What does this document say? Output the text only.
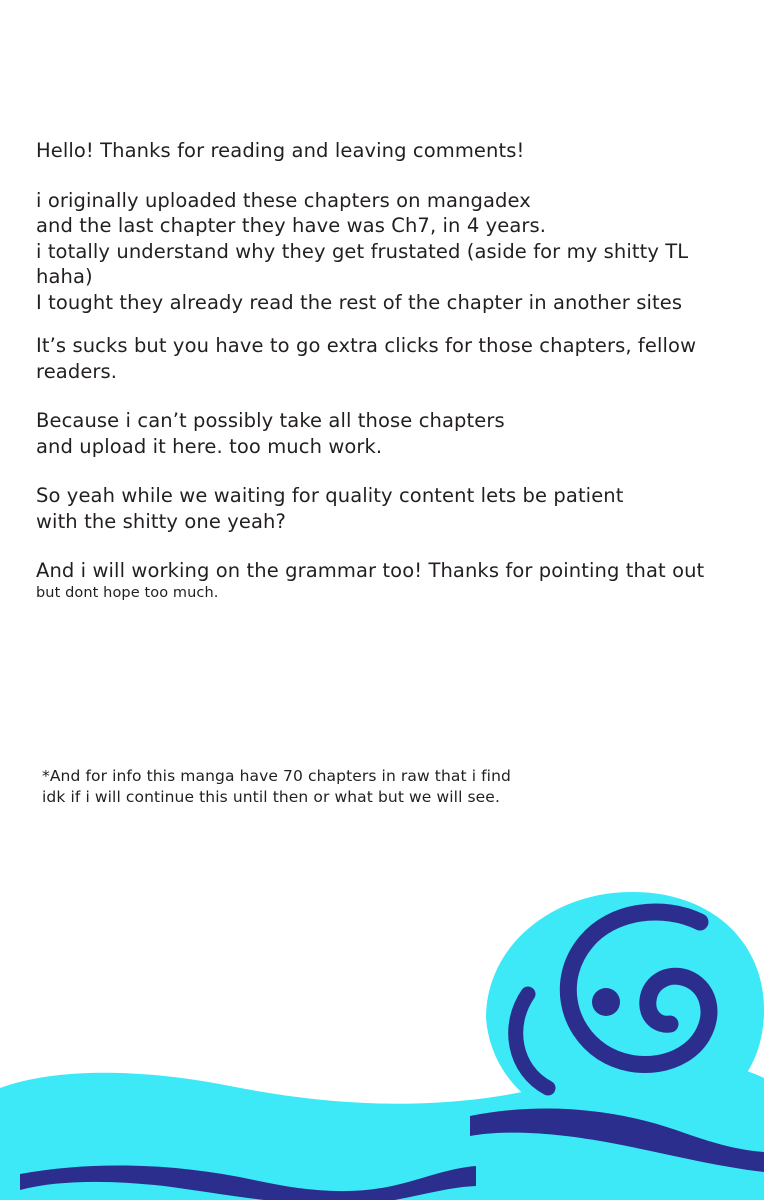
Hello! Thanks for reading and leaving comments!

i originally uploaded these chapters on mangadex

and the last chapter they have was Ch7, in 4 years.

i totally understand why they get frustated (aside for my shitty TL haha)

I tought they already read the rest of the chapter in another sites

It’s sucks but you have to go extra clicks for those chapters, fellow readers.

Because i can’t possibly take all those chapters

and upload it here. too much work.

So yeah while we waiting for quality content lets be patient

with the shitty one yeah?

And i will working on the grammar too! Thanks for pointing that out

but dont hope too much.

*And for info this manga have 70 chapters in raw that i find

idk if i will continue this until then or what but we will see.
